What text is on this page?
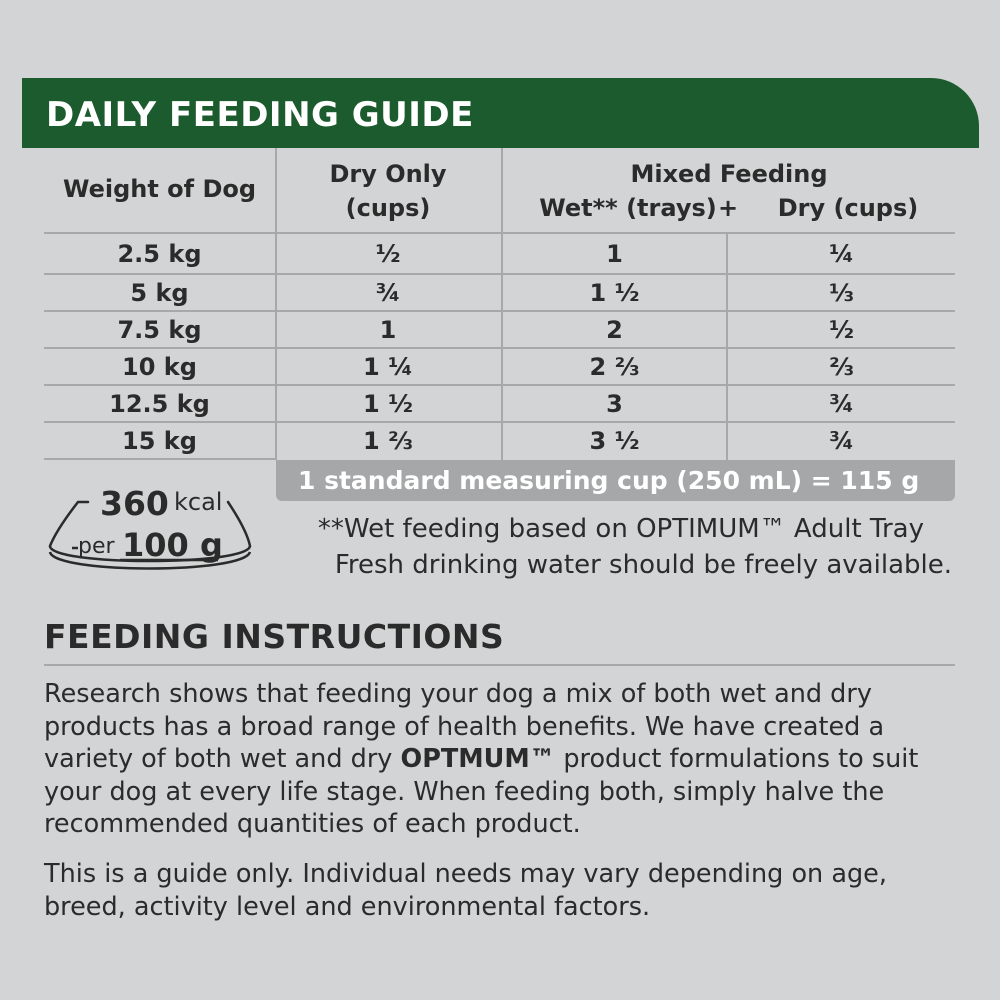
DAILY FEEDING GUIDE
Weight of Dog
Dry Only
(cups)
Mixed Feeding
Wet** (trays) +	Dry (cups)
2.5 kg	½	1	¼
5 kg	¾	1 ½	⅓
7.5 kg	1	2	½
10 kg	1 ¼	2 ⅔	⅔
12.5 kg	1 ½	3	¾
15 kg	1 ⅔	3 ½	¾
1 standard measuring cup (250 mL) = 115 g
360 kcal
per 100 g	**Wet feeding based on OPTIMUM™ Adult Tray
Fresh drinking water should be freely available.
FEEDING INSTRUCTIONS
Research shows that feeding your dog a mix of both wet and dry products has a broad range of health benefits. We have created a variety of both wet and dry OPTMUM™ product formulations to suit your dog at every life stage. When feeding both, simply halve the recommended quantities of each product.
This is a guide only. Individual needs may vary depending on age, breed, activity level and environmental factors.
